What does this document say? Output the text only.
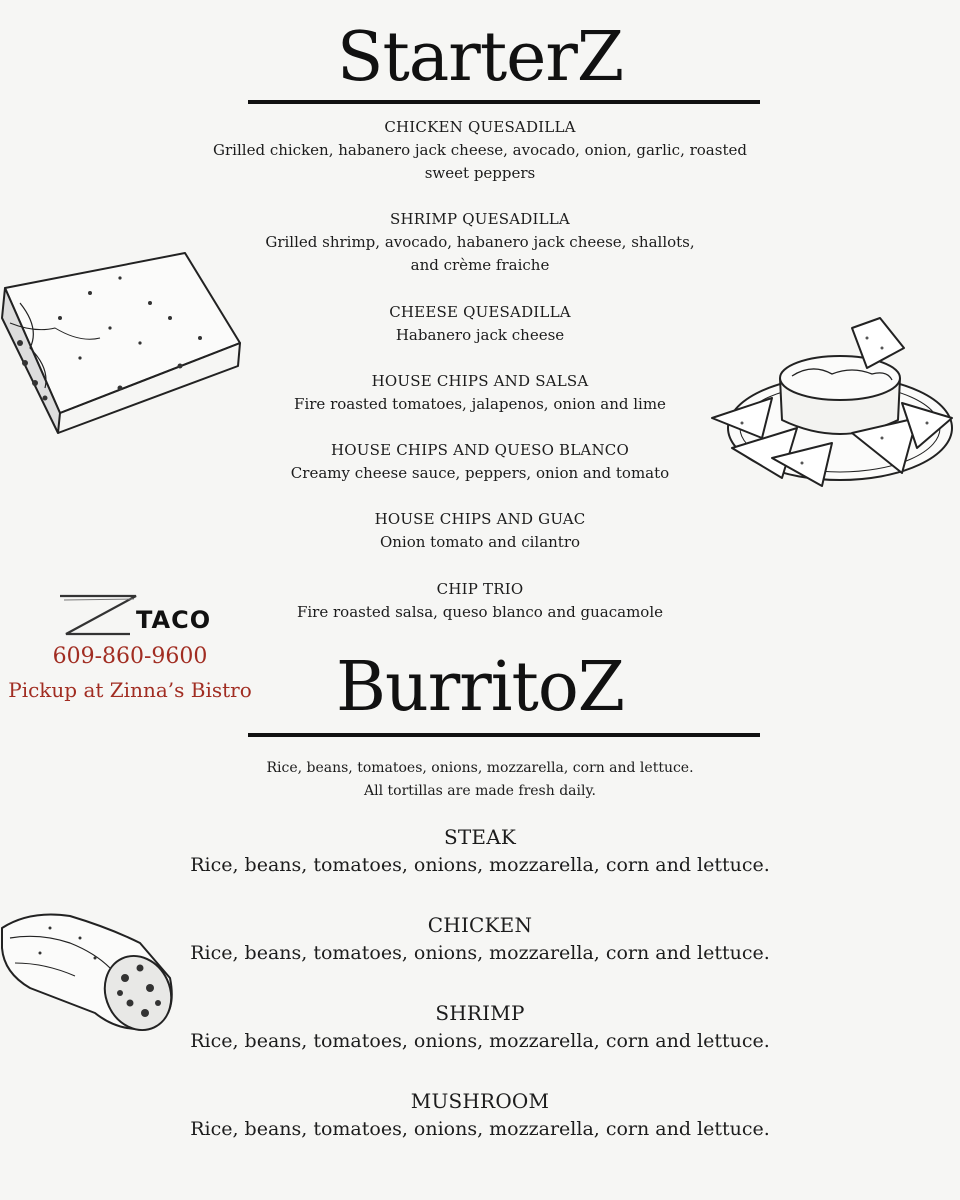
StarterZ
CHICKEN QUESADILLA
Grilled chicken, habanero jack cheese, avocado, onion, garlic, roasted sweet peppers
SHRIMP QUESADILLA
Grilled shrimp, avocado, habanero jack cheese, shallots, and crème fraiche
CHEESE QUESADILLA
Habanero jack cheese
HOUSE CHIPS AND SALSA
Fire roasted tomatoes, jalapenos, onion and lime
HOUSE CHIPS AND QUESO BLANCO
Creamy cheese sauce, peppers, onion and tomato
HOUSE CHIPS AND GUAC
Onion tomato and cilantro
CHIP TRIO
Fire roasted salsa, queso blanco and guacamole
TACO
609-860-9600
Pickup at Zinna’s Bistro	BurritoZ
Rice, beans, tomatoes, onions, mozzarella, corn and lettuce.
All tortillas are made fresh daily.
STEAK
Rice, beans, tomatoes, onions, mozzarella, corn and lettuce.
CHICKEN
Rice, beans, tomatoes, onions, mozzarella, corn and lettuce.
SHRIMP
Rice, beans, tomatoes, onions, mozzarella, corn and lettuce.
MUSHROOM
Rice, beans, tomatoes, onions, mozzarella, corn and lettuce.
